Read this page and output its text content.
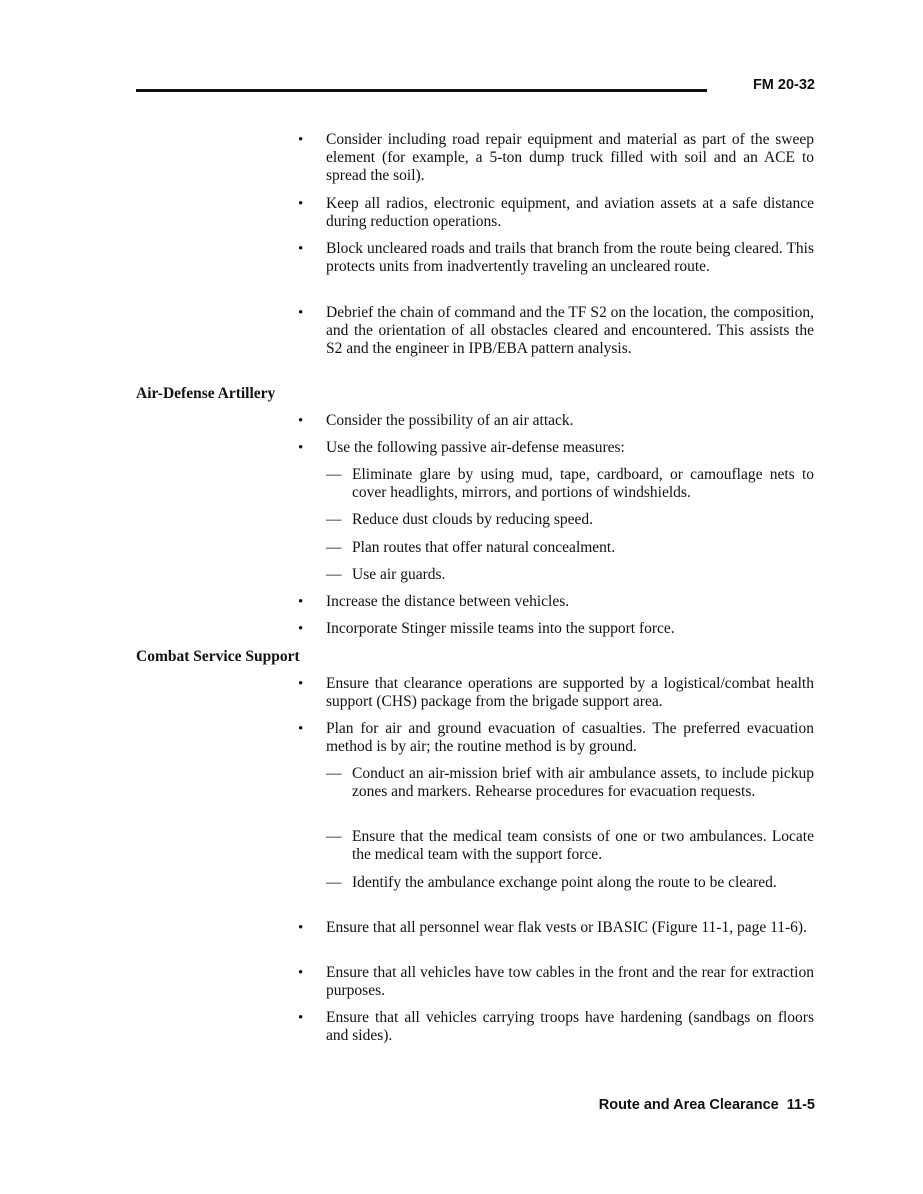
FM 20-32
•	Consider including road repair equipment and material as part of the sweep element (for example, a 5-ton dump truck filled with soil and an ACE to spread the soil).
•	Keep all radios, electronic equipment, and aviation assets at a safe distance during reduction operations.
•	Block uncleared roads and trails that branch from the route being cleared. This protects units from inadvertently traveling an uncleared route.
•	Debrief the chain of command and the TF S2 on the location, the composition, and the orientation of all obstacles cleared and encountered. This assists the S2 and the engineer in IPB/EBA pattern analysis.
Air-Defense Artillery
•	Consider the possibility of an air attack.
•	Use the following passive air-defense measures:
— Eliminate glare by using mud, tape, cardboard, or camouflage nets to cover headlights, mirrors, and portions of windshields.
— Reduce dust clouds by reducing speed.
— Plan routes that offer natural concealment.
— Use air guards.
•	Increase the distance between vehicles.
•	Incorporate Stinger missile teams into the support force.
Combat Service Support
•	Ensure that clearance operations are supported by a logistical/combat health support (CHS) package from the brigade support area.
•	Plan for air and ground evacuation of casualties. The preferred evacuation method is by air; the routine method is by ground.
— Conduct an air-mission brief with air ambulance assets, to include pickup zones and markers. Rehearse procedures for evacuation requests.
— Ensure that the medical team consists of one or two ambulances. Locate the medical team with the support force.
— Identify the ambulance exchange point along the route to be cleared.
•	Ensure that all personnel wear flak vests or IBASIC (Figure 11-1, page 11-6).
•	Ensure that all vehicles have tow cables in the front and the rear for extraction purposes.
•	Ensure that all vehicles carrying troops have hardening (sandbags on floors and sides).
Route and Area Clearance  11-5
